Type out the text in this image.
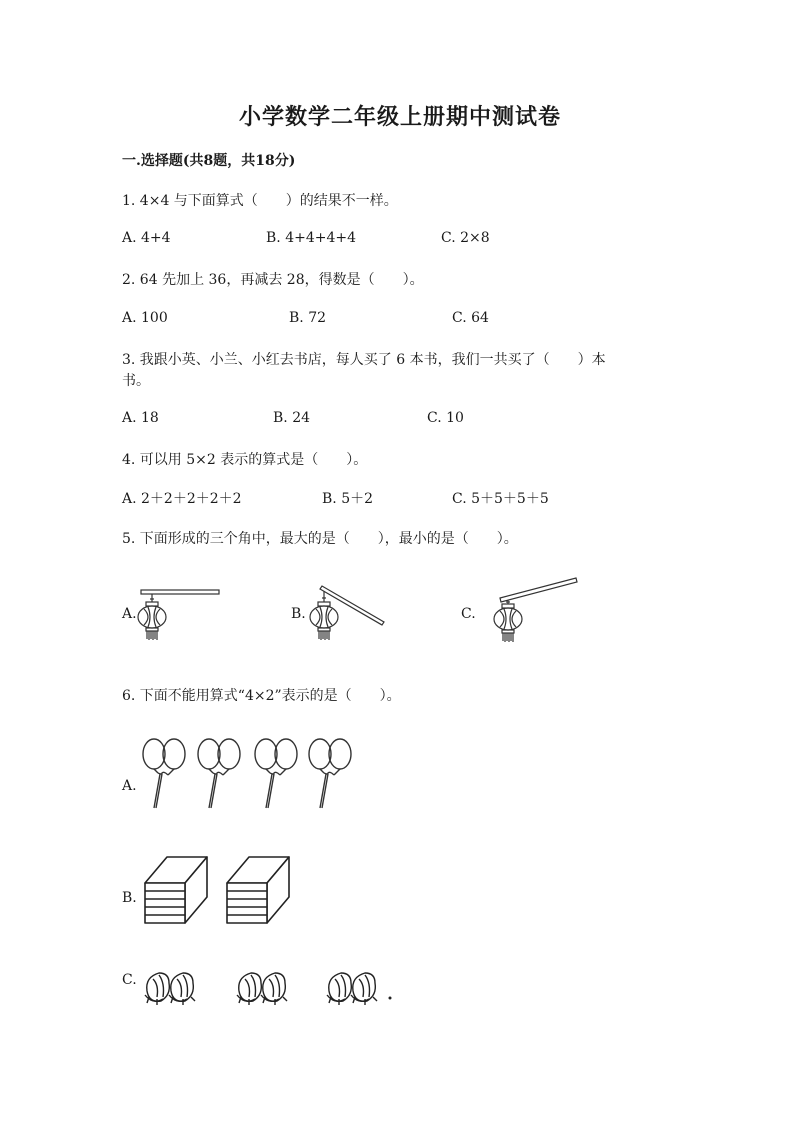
小学数学二年级上册期中测试卷
一.选择题(共8题，共18分)
1. 4×4 与下面算式（　　）的结果不一样。
A. 4+4	B. 4+4+4+4	C. 2×8
2. 64 先加上 36，再减去 28，得数是（　　）。
A. 100	B. 72	C. 64
3. 我跟小英、小兰、小红去书店，每人买了 6 本书，我们一共买了（　　）本
书。
A. 18	B. 24	C. 10
4. 可以用 5×2 表示的算式是（　　）。
A. 2＋2＋2＋2＋2	B. 5＋2	C. 5＋5＋5＋5
5. 下面形成的三个角中，最大的是（　　），最小的是（　　）。
A.	B.	C.
6. 下面不能用算式“4×2”表示的是（　　）。
A.
B.
C.
